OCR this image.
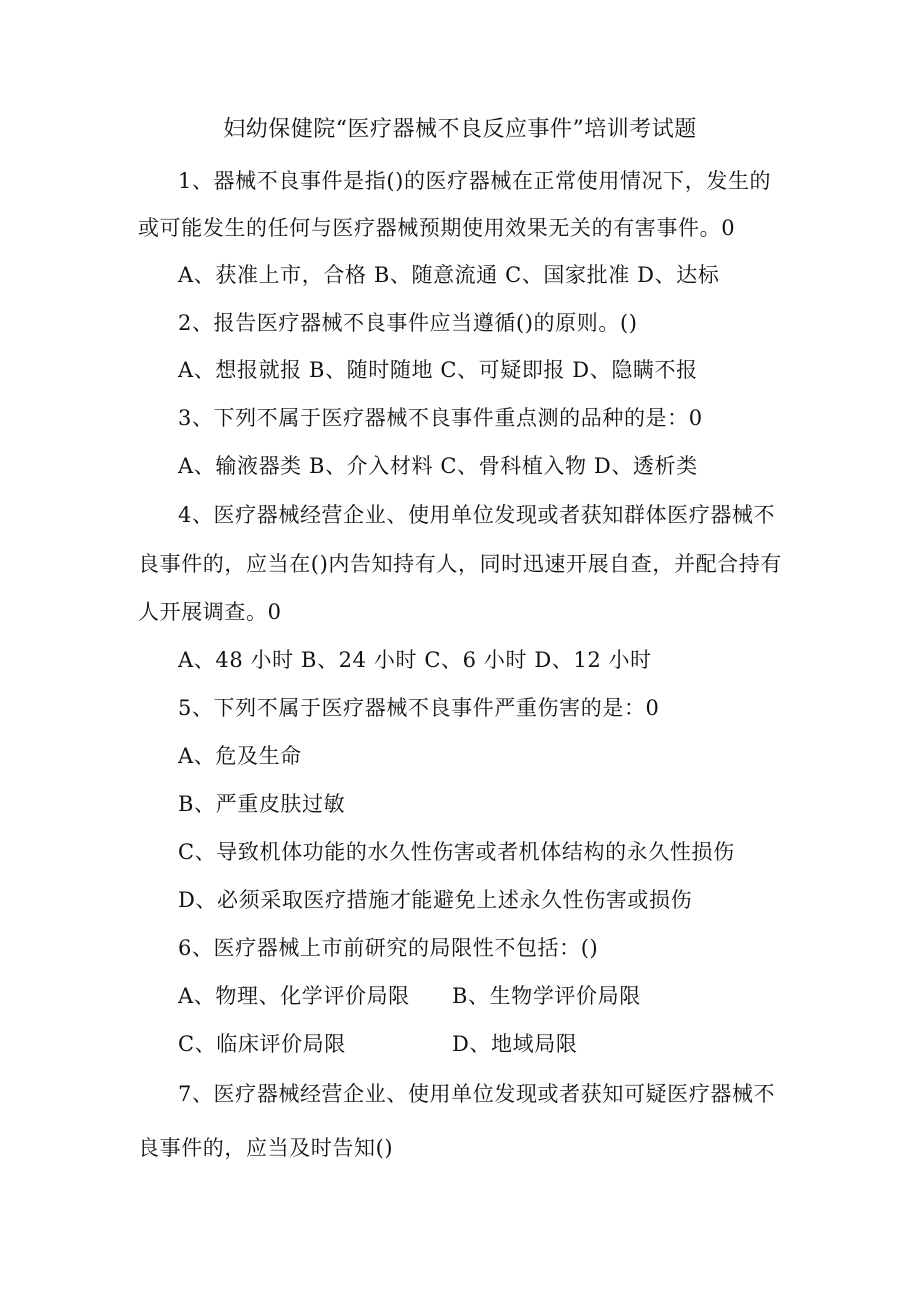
妇幼保健院“医疗器械不良反应事件”培训考试题
1、器械不良事件是指()的医疗器械在正常使用情况下，发生的
或可能发生的任何与医疗器械预期使用效果无关的有害事件。0
A、获准上市，合格 B、随意流通 C、国家批准 D、达标
2、报告医疗器械不良事件应当遵循()的原则。()
A、想报就报 B、随时随地 C、可疑即报 D、隐瞒不报
3、下列不属于医疗器械不良事件重点测的品种的是：0
A、输液器类 B、介入材料 C、骨科植入物 D、透析类
4、医疗器械经营企业、使用单位发现或者获知群体医疗器械不
良事件的，应当在()内告知持有人，同时迅速开展自查，并配合持有
人开展调查。0
A、48 小时 B、24 小时 C、6 小时 D、12 小时
5、下列不属于医疗器械不良事件严重伤害的是：0
A、危及生命
B、严重皮肤过敏
C、导致机体功能的水久性伤害或者机体结构的永久性损伤
D、必须采取医疗措施才能避免上述永久性伤害或损伤
6、医疗器械上市前研究的局限性不包括：()
A、物理、化学评价局限 B、生物学评价局限
C、临床评价局限	D、地域局限
7、医疗器械经营企业、使用单位发现或者获知可疑医疗器械不
良事件的，应当及时告知()
